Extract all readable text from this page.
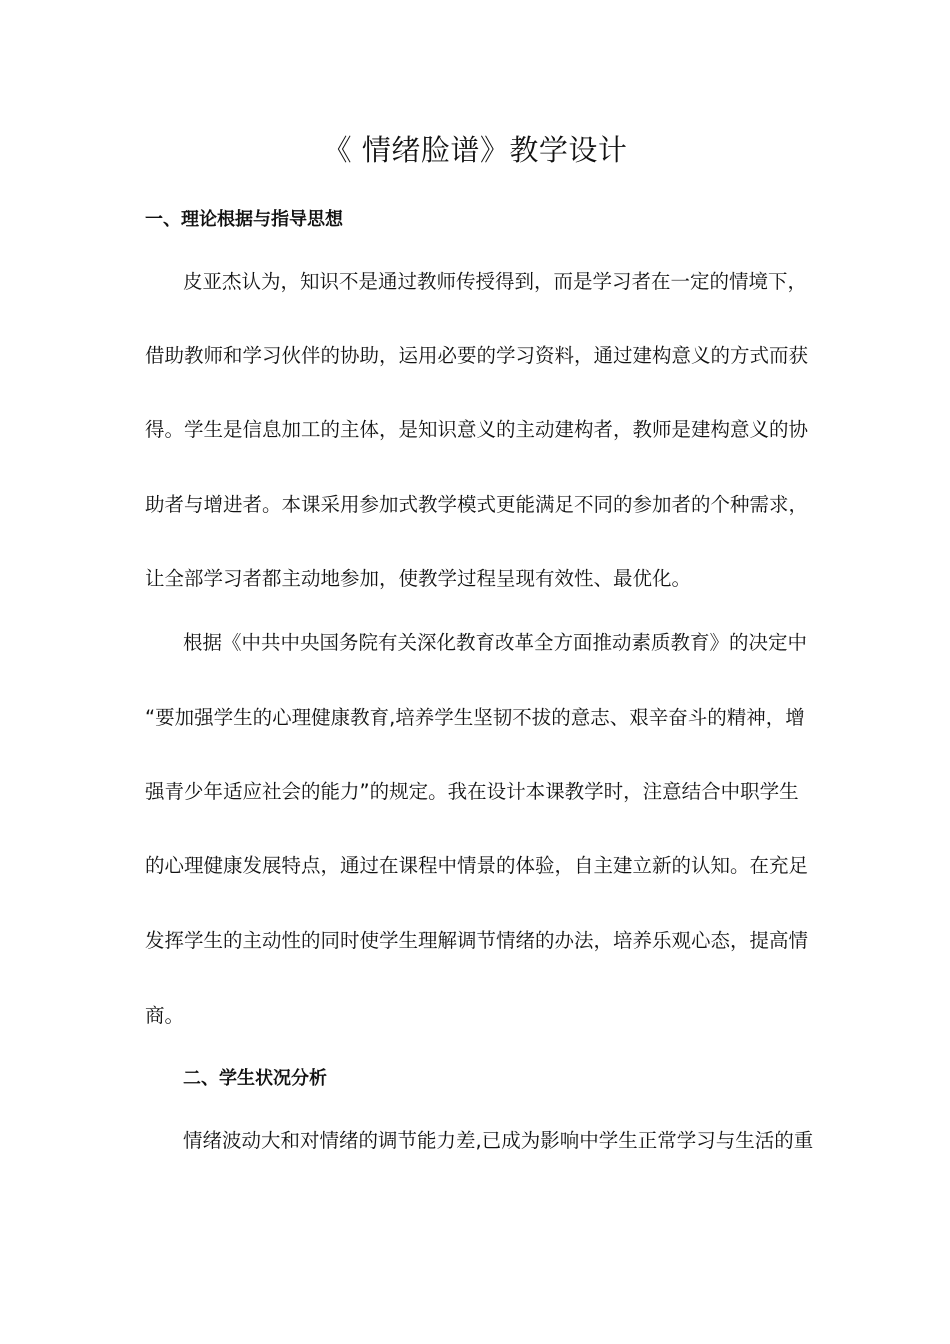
《 情绪脸谱》教学设计
一、理论根据与指导思想
皮亚杰认为，知识不是通过教师传授得到，而是学习者在一定的情境下，
借助教师和学习伙伴的协助，运用必要的学习资料，通过建构意义的方式而获
得。学生是信息加工的主体，是知识意义的主动建构者，教师是建构意义的协
助者与增进者。本课采用参加式教学模式更能满足不同的参加者的个种需求，
让全部学习者都主动地参加，使教学过程呈现有效性、最优化。
根据《中共中央国务院有关深化教育改革全方面推动素质教育》的决定中
“要加强学生的心理健康教育,培养学生坚韧不拔的意志、艰辛奋斗的精神，增
强青少年适应社会的能力”的规定。我在设计本课教学时，注意结合中职学生
的心理健康发展特点，通过在课程中情景的体验，自主建立新的认知。在充足
发挥学生的主动性的同时使学生理解调节情绪的办法，培养乐观心态，提高情
商。
二、学生状况分析
情绪波动大和对情绪的调节能力差,已成为影响中学生正常学习与生活的重
